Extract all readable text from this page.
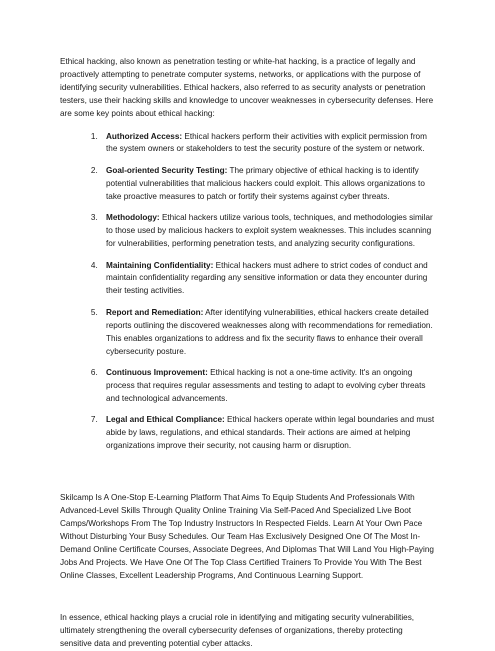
Ethical hacking, also known as penetration testing or white-hat hacking, is a practice of legally and proactively attempting to penetrate computer systems, networks, or applications with the purpose of identifying security vulnerabilities. Ethical hackers, also referred to as security analysts or penetration testers, use their hacking skills and knowledge to uncover weaknesses in cybersecurity defenses. Here are some key points about ethical hacking:

1. Authorized Access: Ethical hackers perform their activities with explicit permission from the system owners or stakeholders to test the security posture of the system or network.
2. Goal-oriented Security Testing: The primary objective of ethical hacking is to identify potential vulnerabilities that malicious hackers could exploit. This allows organizations to take proactive measures to patch or fortify their systems against cyber threats.
3. Methodology: Ethical hackers utilize various tools, techniques, and methodologies similar to those used by malicious hackers to exploit system weaknesses. This includes scanning for vulnerabilities, performing penetration tests, and analyzing security configurations.
4. Maintaining Confidentiality: Ethical hackers must adhere to strict codes of conduct and maintain confidentiality regarding any sensitive information or data they encounter during their testing activities.
5. Report and Remediation: After identifying vulnerabilities, ethical hackers create detailed reports outlining the discovered weaknesses along with recommendations for remediation. This enables organizations to address and fix the security flaws to enhance their overall cybersecurity posture.
6. Continuous Improvement: Ethical hacking is not a one-time activity. It's an ongoing process that requires regular assessments and testing to adapt to evolving cyber threats and technological advancements.
7. Legal and Ethical Compliance: Ethical hackers operate within legal boundaries and must abide by laws, regulations, and ethical standards. Their actions are aimed at helping organizations improve their security, not causing harm or disruption.

Skilcamp Is A One-Stop E-Learning Platform That Aims To Equip Students And Professionals With Advanced-Level Skills Through Quality Online Training Via Self-Paced And Specialized Live Boot Camps/Workshops From The Top Industry Instructors In Respected Fields. Learn At Your Own Pace Without Disturbing Your Busy Schedules. Our Team Has Exclusively Designed One Of The Most In-Demand Online Certificate Courses, Associate Degrees, And Diplomas That Will Land You High-Paying Jobs And Projects. We Have One Of The Top Class Certified Trainers To Provide You With The Best Online Classes, Excellent Leadership Programs, And Continuous Learning Support.

In essence, ethical hacking plays a crucial role in identifying and mitigating security vulnerabilities, ultimately strengthening the overall cybersecurity defenses of organizations, thereby protecting sensitive data and preventing potential cyber attacks.
